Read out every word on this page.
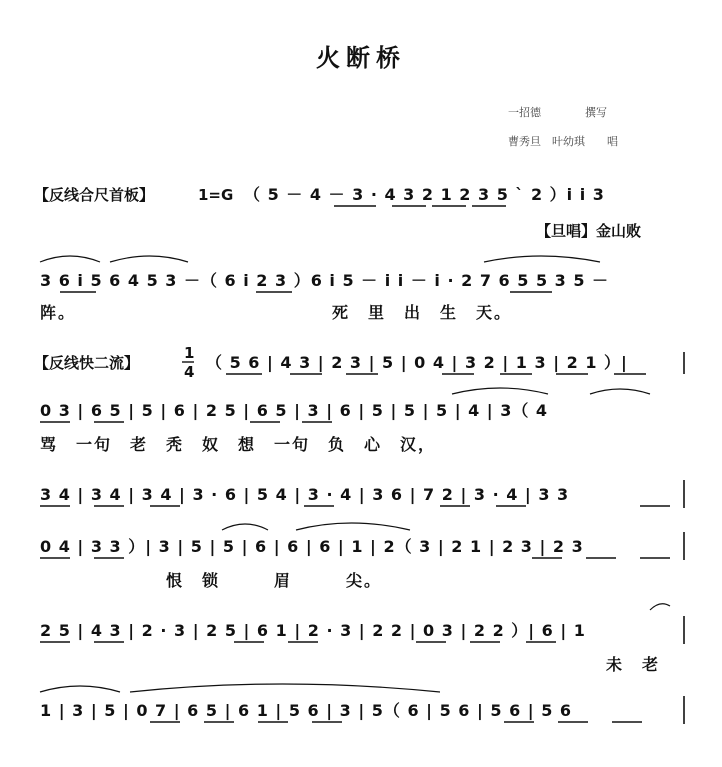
火断桥
一招德　　　　撰写
曹秀旦　叶幼琪　　唱
【反线合尺首板】	1=G （ 5 － 4 － 3 · 4 3 2 1 2 3 5 ` 2 ）i i 3
【旦唱】金山败
3 6 i 5 6 4 5 3 －（ 6 i 2 3 ）6 i 5 － i i － i · 2 7 6 5 5 3 5 －
阵。	死　里　出　生　天。
【反线快二流】
1
4 （ 5 6 | 4 3 | 2 3 | 5 | 0 4 | 3 2 | 1 3 | 2 1 ）|
0 3 | 6 5 | 5 | 6 | 2 5 | 6 5 | 3 | 6 | 5 | 5 | 5 | 4 | 3（ 4
骂　一句　老　秃　奴　想　一句　负　心　汉，
3 4 | 3 4 | 3 4 | 3 · 6 | 5 4 | 3 · 4 | 3 6 | 7 2 | 3 · 4 | 3 3
0 4 | 3 3 ）| 3 | 5 | 5 | 6 | 6 | 6 | 1 | 2（ 3 | 2 1 | 2 3 | 2 3
恨　锁　　　眉　　　尖。
2 5 | 4 3 | 2 · 3 | 2 5 | 6 1 | 2 · 3 | 2 2 | 0 3 | 2 2 ）| 6 | 1
未　老
1 | 3 | 5 | 0 7 | 6 5 | 6 1 | 5 6 | 3 | 5（ 6 | 5 6 | 5 6 | 5 6
